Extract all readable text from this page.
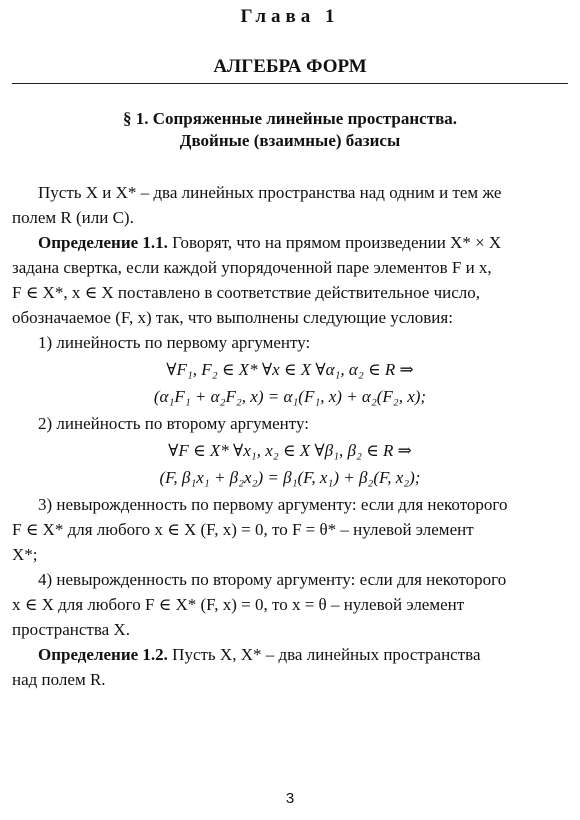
Глава 1
АЛГЕБРА ФОРМ
§ 1. Сопряженные линейные пространства.
Двойные (взаимные) базисы

Пусть X и X* – два линейных пространства над одним и тем же

полем R (или C).

Определение 1.1. Говорят, что на прямом произведении X* × X

задана свертка, если каждой упорядоченной паре элементов F и x,

F ∈ X*, x ∈ X поставлено в соответствие действительное число,

обозначаемое (F, x) так, что выполнены следующие условия:

1) линейность по первому аргументу:

∀F₁, F₂ ∈ X* ∀x ∈ X ∀α₁, α₂ ∈ R ⇒

(α₁F₁ + α₂F₂, x) = α₁(F₁, x) + α₂(F₂, x);

2) линейность по второму аргументу:

∀F ∈ X* ∀x₁, x₂ ∈ X ∀β₁, β₂ ∈ R ⇒

(F, β₁x₁ + β₂x₂) = β₁(F, x₁) + β₂(F, x₂);

3) невырожденность по первому аргументу: если для некоторого

F ∈ X* для любого x ∈ X (F, x) = 0, то F = θ* – нулевой элемент

X*;

4) невырожденность по второму аргументу: если для некоторого

x ∈ X для любого F ∈ X* (F, x) = 0, то x = θ – нулевой элемент

пространства X.

Определение 1.2. Пусть X, X* – два линейных пространства

над полем R.

3
